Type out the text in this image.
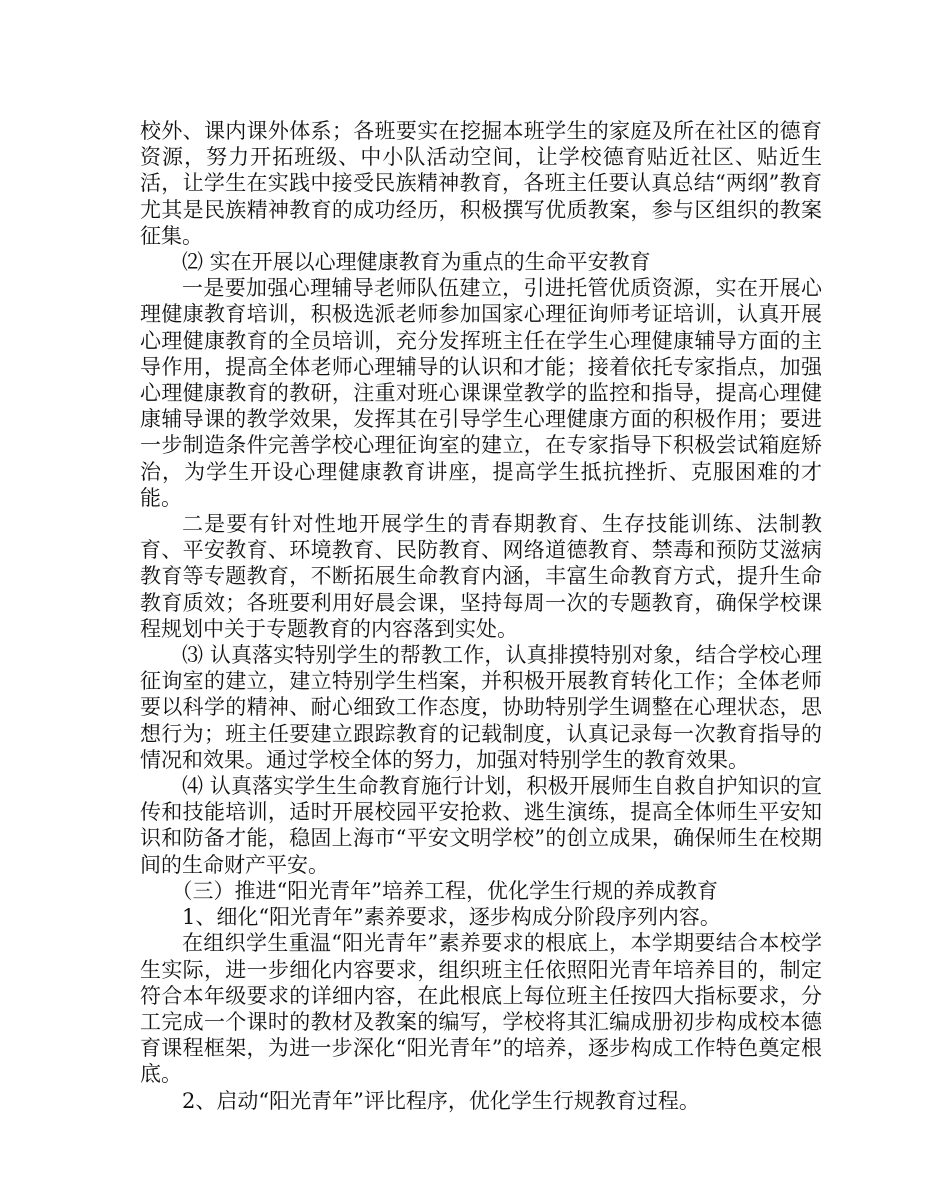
校外、课内课外体系；各班要实在挖掘本班学生的家庭及所在社区的德育资源，努力开拓班级、中小队活动空间，让学校德育贴近社区、贴近生活，让学生在实践中接受民族精神教育，各班主任要认真总结“两纲”教育尤其是民族精神教育的成功经历，积极撰写优质教案，参与区组织的教案征集。

⑵ 实在开展以心理健康教育为重点的生命平安教育

一是要加强心理辅导老师队伍建立，引进托管优质资源，实在开展心理健康教育培训，积极选派老师参加国家心理征询师考证培训，认真开展心理健康教育的全员培训，充分发挥班主任在学生心理健康辅导方面的主导作用，提高全体老师心理辅导的认识和才能；接着依托专家指点，加强心理健康教育的教研，注重对班心课课堂教学的监控和指导，提高心理健康辅导课的教学效果，发挥其在引导学生心理健康方面的积极作用；要进一步制造条件完善学校心理征询室的建立，在专家指导下积极尝试箱庭矫治，为学生开设心理健康教育讲座，提高学生抵抗挫折、克服困难的才能。

二是要有针对性地开展学生的青春期教育、生存技能训练、法制教育、平安教育、环境教育、民防教育、网络道德教育、禁毒和预防艾滋病教育等专题教育，不断拓展生命教育内涵，丰富生命教育方式，提升生命教育质效；各班要利用好晨会课，坚持每周一次的专题教育，确保学校课程规划中关于专题教育的内容落到实处。

⑶ 认真落实特别学生的帮教工作，认真排摸特别对象，结合学校心理征询室的建立，建立特别学生档案，并积极开展教育转化工作；全体老师要以科学的精神、耐心细致工作态度，协助特别学生调整在心理状态，思想行为；班主任要建立跟踪教育的记载制度，认真记录每一次教育指导的情况和效果。通过学校全体的努力，加强对特别学生的教育效果。

⑷ 认真落实学生生命教育施行计划，积极开展师生自救自护知识的宣传和技能培训，适时开展校园平安抢救、逃生演练，提高全体师生平安知识和防备才能，稳固上海市“平安文明学校”的创立成果，确保师生在校期间的生命财产平安。

（三）推进“阳光青年”培养工程，优化学生行规的养成教育

1、细化“阳光青年”素养要求，逐步构成分阶段序列内容。

在组织学生重温“阳光青年”素养要求的根底上，本学期要结合本校学生实际，进一步细化内容要求，组织班主任依照阳光青年培养目的，制定符合本年级要求的详细内容，在此根底上每位班主任按四大指标要求，分工完成一个课时的教材及教案的编写，学校将其汇编成册初步构成校本德育课程框架，为进一步深化“阳光青年”的培养，逐步构成工作特色奠定根底。

2、启动“阳光青年”评比程序，优化学生行规教育过程。
